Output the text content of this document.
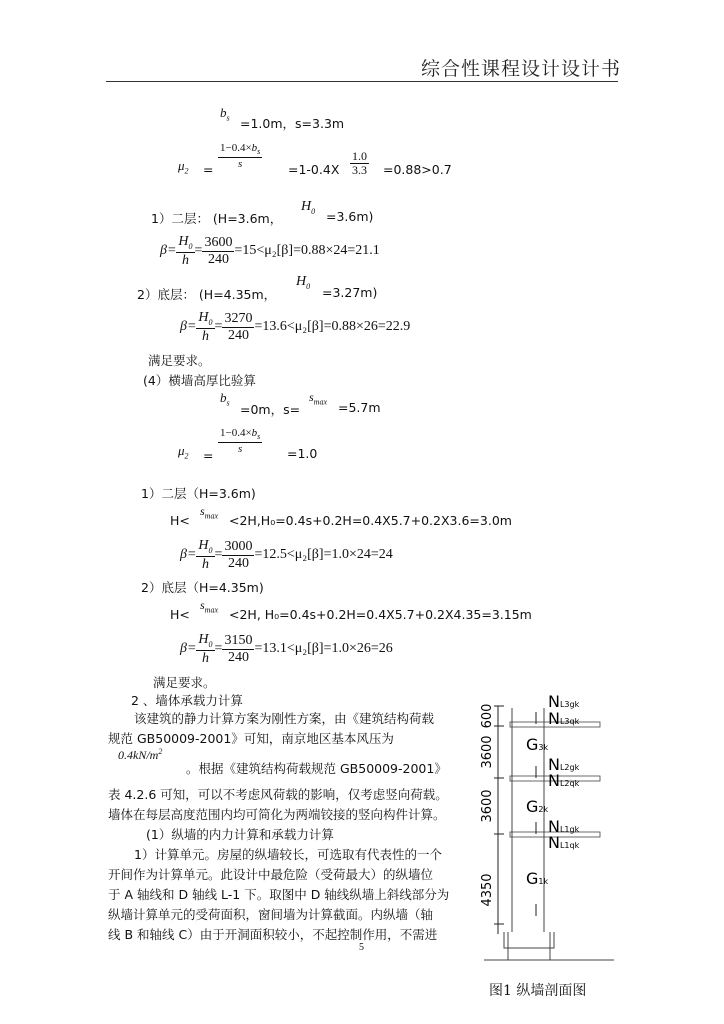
综合性课程设计设计书
$b_s =1.0m$，s=3.3m
$\mu_2 = \frac{1-0.4\times b_s}{s} =1-0.4X \frac{1.0}{3.3} =0.88>0.7$
1）二层： (H=3.6m，
$H_0 =3.6m$)
$\beta= \frac{H_0}{h} = \frac{3600}{240} =15<\mu_2[\beta]=0.88\times 24=21.1$
2）底层： (H=4.35m，
$H_0 =3.27m$)
$\beta= \frac{H_0}{h} = \frac{3270}{240} =13.6<\mu_2[\beta]=0.88\times 26=22.9$
满足要求。
(4）横墙高厚比验算
$b_s =0m$，s=
$s_{max} =5.7m$
$\mu_2$ =
$\frac{1-0.4\times b_s}{s} =1.0$
1）二层（H=3.6m)
H<
$s_{max} <2H,H_0=0.4s+0.2H=0.4X5.7+0.2X3.6=3.0m$
$\beta= \frac{H_0}{h} = \frac{3000}{240} =12.5<\mu_2[\beta]=1.0\times 24=24$
2）底层（H=4.35m)
H<
$s_{max} <2H$, H₀=0.4s+0.2H=0.4X5.7+0.2X4.35=3.15m
$\beta= \frac{H_0}{h} = \frac{3150}{240} =13.1<\mu_2[\beta]=1.0\times 26=26$
满足要求。
2 、墙体承载力计算
该建筑的静力计算方案为刚性方案，由《建筑结构荷载
规范 GB50009-2001》可知，南京地区基本风压为
$0.4kN/m^2$
。根据《建筑结构荷载规范 GB50009-2001》
表 4.2.6 可知，可以不考虑风荷载的影响，仅考虑竖向荷载。
墙体在每层高度范围内均可简化为两端铰接的竖向构件计算。
(1）纵墙的内力计算和承载力计算
1）计算单元。房屋的纵墙较长，可选取有代表性的一个
开间作为计算单元。此设计中最危险（受荷最大）的纵墙位
于 A 轴线和 D 轴线 L-1 下。取图中 D 轴线纵墙上斜线部分为
纵墙计算单元的受荷面积，窗间墙为计算截面。内纵墙（轴
线 B 和轴线 C）由于开洞面积较小，不起控制作用，不需进
5
600
3600
3600
4350
NL3gk
NL3qk
G3k
NL2gk
NL2qk
G2k
NL1gk
NL1qk
G1k
图1 纵墙剖面图
